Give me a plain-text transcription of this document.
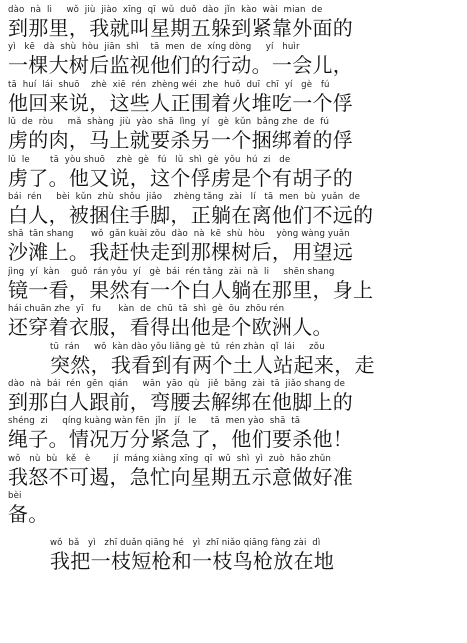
dào  nà  li     wǒ  jiù  jiào  xīng  qī  wǔ  duǒ  dào  jǐn  kào  wài  mian  de
到那里，我就叫星期五躲到紧靠外面的
yì   kē   dà  shù  hòu  jiān  shì    tā  men  de  xíng dòng     yí   huìr
一棵大树后监视他们的行动。一会儿，
tā  huí  lái  shuō    zhè  xiē  rén  zhèng wéi  zhe  huǒ  duī  chī  yí   gè   fú
他回来说，这些人正围着火堆吃一个俘
lǔ  de  ròu     mǎ  shàng  jiù  yào  shā  lìng  yí   gè  kǔn  bǎng zhe  de  fú
虏的肉，马上就要杀另一个捆绑着的俘
lǔ  le       tā  yòu shuō    zhè  gè   fú   lǔ  shì  gè  yǒu  hú  zi   de
虏了。他又说，这个俘虏是个有胡子的
bái  rén     bèi  kǔn  zhù  shǒu  jiǎo    zhèng tǎng  zài   lí   tā  men  bù  yuǎn  de
白人，被捆住手脚，正躺在离他们不远的
shā  tān shang      wǒ  gǎn kuài zǒu  dào  nà  kē  shù  hòu    yòng wàng yuǎn
沙滩上。我赶快走到那棵树后，用望远
jìng  yí  kàn    guǒ  rán yǒu  yí   gè  bái  rén tǎng  zài  nà  li     shēn shang
镜一看，果然有一个白人躺在那里，身上
hái chuān zhe  yī   fu      kàn  de  chū  tā  shì  gè  ōu  zhōu rén
还穿着衣服，看得出他是个欧洲人。
tū  rán     wǒ  kàn dào yǒu liǎng gè  tǔ  rén zhàn  qǐ  lái     zǒu
突然，我看到有两个土人站起来，走
dào  nà  bái  rén  gēn  qián     wān  yāo  qù   jiě  bǎng  zài  tā  jiǎo shang de
到那白人跟前，弯腰去解绑在他脚上的
shéng  zi     qíng kuàng wàn fēn  jǐn   jí   le     tā  men yào  shā  tā
绳子。情况万分紧急了，他们要杀他！
wǒ   nù  bù   kě   è        jí  máng xiàng xīng  qī  wǔ  shì  yì  zuò  hǎo zhǔn
我怒不可遏，急忙向星期五示意做好准
bèi
备。
wǒ  bǎ   yì   zhī duǎn qiāng hé   yì  zhī niǎo qiāng fàng zài  dì
我把一枝短枪和一枝鸟枪放在地
